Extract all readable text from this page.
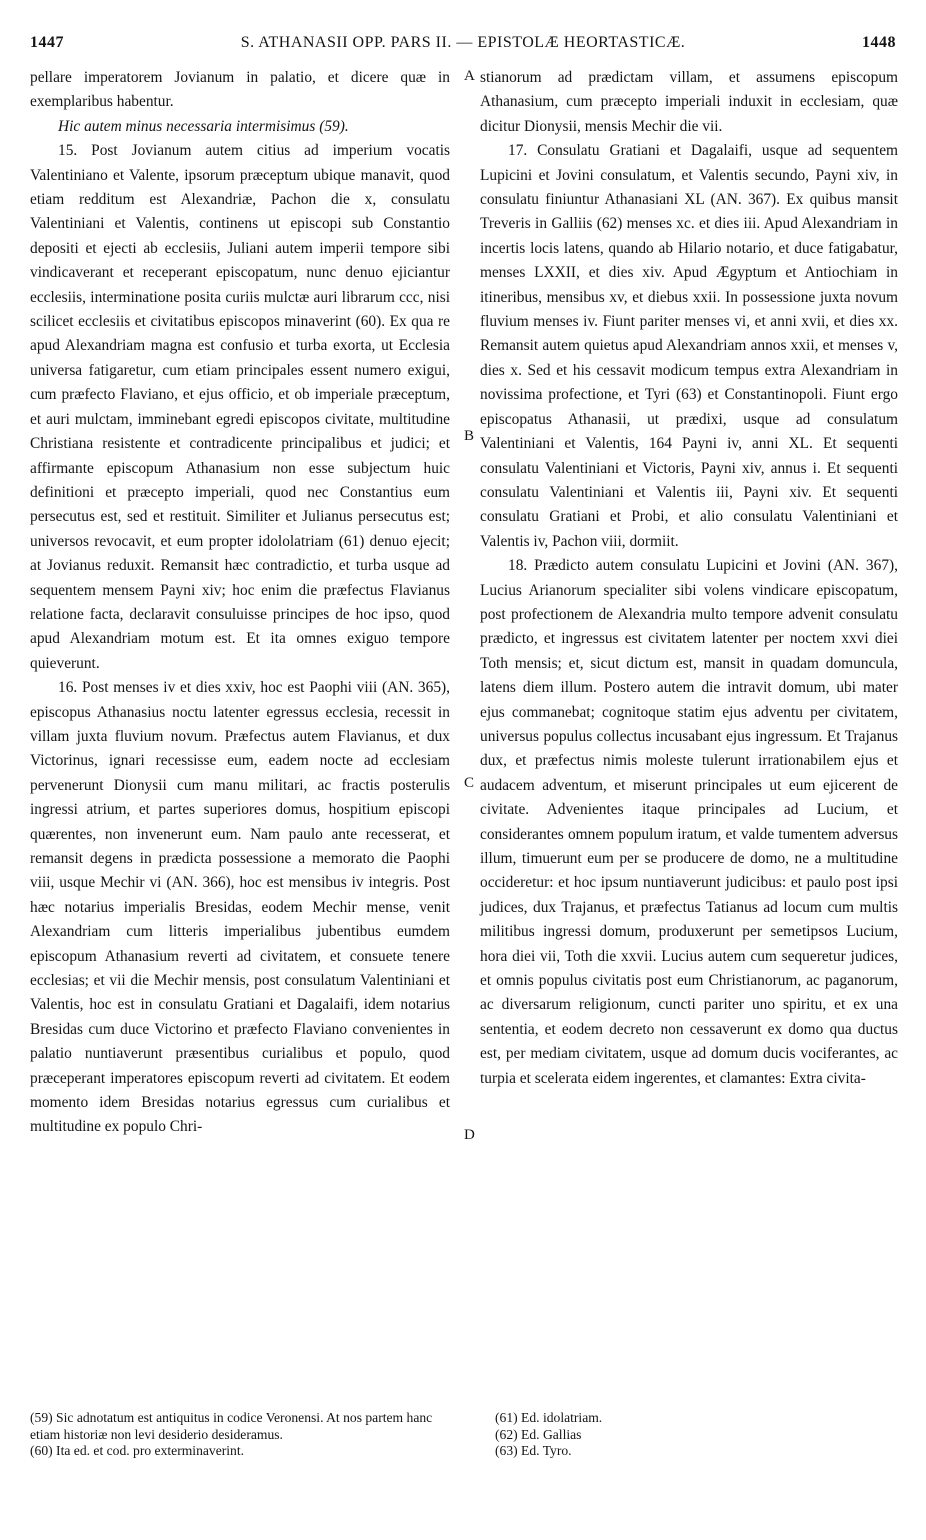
1447	S. ATHANASII OPP. PARS II. — EPISTOLÆ HEORTASTICÆ.	1448

pellare imperatorem Jovianum in palatio, et dicere quæ in exemplaribus habentur.

Hic autem minus necessaria intermisimus (59).

15. Post Jovianum autem citius ad imperium vocatis Valentiniano et Valente, ipsorum præceptum ubique manavit, quod etiam redditum est Alexandriæ, Pachon die x, consulatu Valentiniani et Valentis, continens ut episcopi sub Constantio depositi et ejecti ab ecclesiis, Juliani autem imperii tempore sibi vindicaverant et receperant episcopatum, nunc denuo ejiciantur ecclesiis, interminatione posita curiis mulctæ auri librarum ccc, nisi scilicet ecclesiis et civitatibus episcopos minaverint (60). Ex qua re apud Alexandriam magna est confusio et turba exorta, ut Ecclesia universa fatigaretur, cum etiam principales essent numero exigui, cum præfecto Flaviano, et ejus officio, et ob imperiale præceptum, et auri mulctam, imminebant egredi episcopos civitate, multitudine Christiana resistente et contradicente principalibus et judici; et affirmante episcopum Athanasium non esse subjectum huic definitioni et præcepto imperiali, quod nec Constantius eum persecutus est, sed et restituit. Similiter et Julianus persecutus est; universos revocavit, et eum propter idololatriam (61) denuo ejecit; at Jovianus reduxit. Remansit hæc contradictio, et turba usque ad sequentem mensem Payni xiv; hoc enim die præfectus Flavianus relatione facta, declaravit consuluisse principes de hoc ipso, quod apud Alexandriam motum est. Et ita omnes exiguo tempore quieverunt.

16. Post menses iv et dies xxiv, hoc est Paophi viii (AN. 365), episcopus Athanasius noctu latenter egressus ecclesia, recessit in villam juxta fluvium novum. Præfectus autem Flavianus, et dux Victorinus, ignari recessisse eum, eadem nocte ad ecclesiam pervenerunt Dionysii cum manu militari, ac fractis posterulis ingressi atrium, et partes superiores domus, hospitium episcopi quærentes, non invenerunt eum. Nam paulo ante recesserat, et remansit degens in prædicta possessione a memorato die Paophi viii, usque Mechir vi (AN. 366), hoc est mensibus iv integris. Post hæc notarius imperialis Bresidas, eodem Mechir mense, venit Alexandriam cum litteris imperialibus jubentibus eumdem episcopum Athanasium reverti ad civitatem, et consuete tenere ecclesias; et vii die Mechir mensis, post consulatum Valentiniani et Valentis, hoc est in consulatu Gratiani et Dagalaifi, idem notarius Bresidas cum duce Victorino et præfecto Flaviano convenientes in palatio nuntiaverunt præsentibus curialibus et populo, quod præceperant imperatores episcopum reverti ad civitatem. Et eodem momento idem Bresidas notarius egressus cum curialibus et multitudine ex populo Chri-

A
B
C
D

stianorum ad prædictam villam, et assumens episcopum Athanasium, cum præcepto imperiali induxit in ecclesiam, quæ dicitur Dionysii, mensis Mechir die vii.

17. Consulatu Gratiani et Dagalaifi, usque ad sequentem Lupicini et Jovini consulatum, et Valentis secundo, Payni xiv, in consulatu finiuntur Athanasiani XL (AN. 367). Ex quibus mansit Treveris in Galliis (62) menses xc. et dies iii. Apud Alexandriam in incertis locis latens, quando ab Hilario notario, et duce fatigabatur, menses LXXII, et dies xiv. Apud Ægyptum et Antiochiam in itineribus, mensibus xv, et diebus xxii. In possessione juxta novum fluvium menses iv. Fiunt pariter menses vi, et anni xvii, et dies xx. Remansit autem quietus apud Alexandriam annos xxii, et menses v, dies x. Sed et his cessavit modicum tempus extra Alexandriam in novissima profectione, et Tyri (63) et Constantinopoli. Fiunt ergo episcopatus Athanasii, ut prædixi, usque ad consulatum Valentiniani et Valentis, 164 Payni iv, anni XL. Et sequenti consulatu Valentiniani et Victoris, Payni xiv, annus i. Et sequenti consulatu Valentiniani et Valentis iii, Payni xiv. Et sequenti consulatu Gratiani et Probi, et alio consulatu Valentiniani et Valentis iv, Pachon viii, dormiit.

18. Prædicto autem consulatu Lupicini et Jovini (AN. 367), Lucius Arianorum specialiter sibi volens vindicare episcopatum, post profectionem de Alexandria multo tempore advenit consulatu prædicto, et ingressus est civitatem latenter per noctem xxvi diei Toth mensis; et, sicut dictum est, mansit in quadam domuncula, latens diem illum. Postero autem die intravit domum, ubi mater ejus commanebat; cognitoque statim ejus adventu per civitatem, universus populus collectus incusabant ejus ingressum. Et Trajanus dux, et præfectus nimis moleste tulerunt irrationabilem ejus et audacem adventum, et miserunt principales ut eum ejicerent de civitate. Advenientes itaque principales ad Lucium, et considerantes omnem populum iratum, et valde tumentem adversus illum, timuerunt eum per se producere de domo, ne a multitudine occideretur: et hoc ipsum nuntiaverunt judicibus: et paulo post ipsi judices, dux Trajanus, et præfectus Tatianus ad locum cum multis militibus ingressi domum, produxerunt per semetipsos Lucium, hora diei vii, Toth die xxvii. Lucius autem cum sequeretur judices, et omnis populus civitatis post eum Christianorum, ac paganorum, ac diversarum religionum, cuncti pariter uno spiritu, et ex una sententia, et eodem decreto non cessaverunt ex domo qua ductus est, per mediam civitatem, usque ad domum ducis vociferantes, ac turpia et scelerata eidem ingerentes, et clamantes: Extra civita-

(59) Sic adnotatum est antiquitus in codice Veronensi. At nos partem hanc etiam historiæ non levi desiderio desideramus.

(60) Ita ed. et cod. pro exterminaverint.

(61) Ed. idolatriam.

(62) Ed. Gallias

(63) Ed. Tyro.
